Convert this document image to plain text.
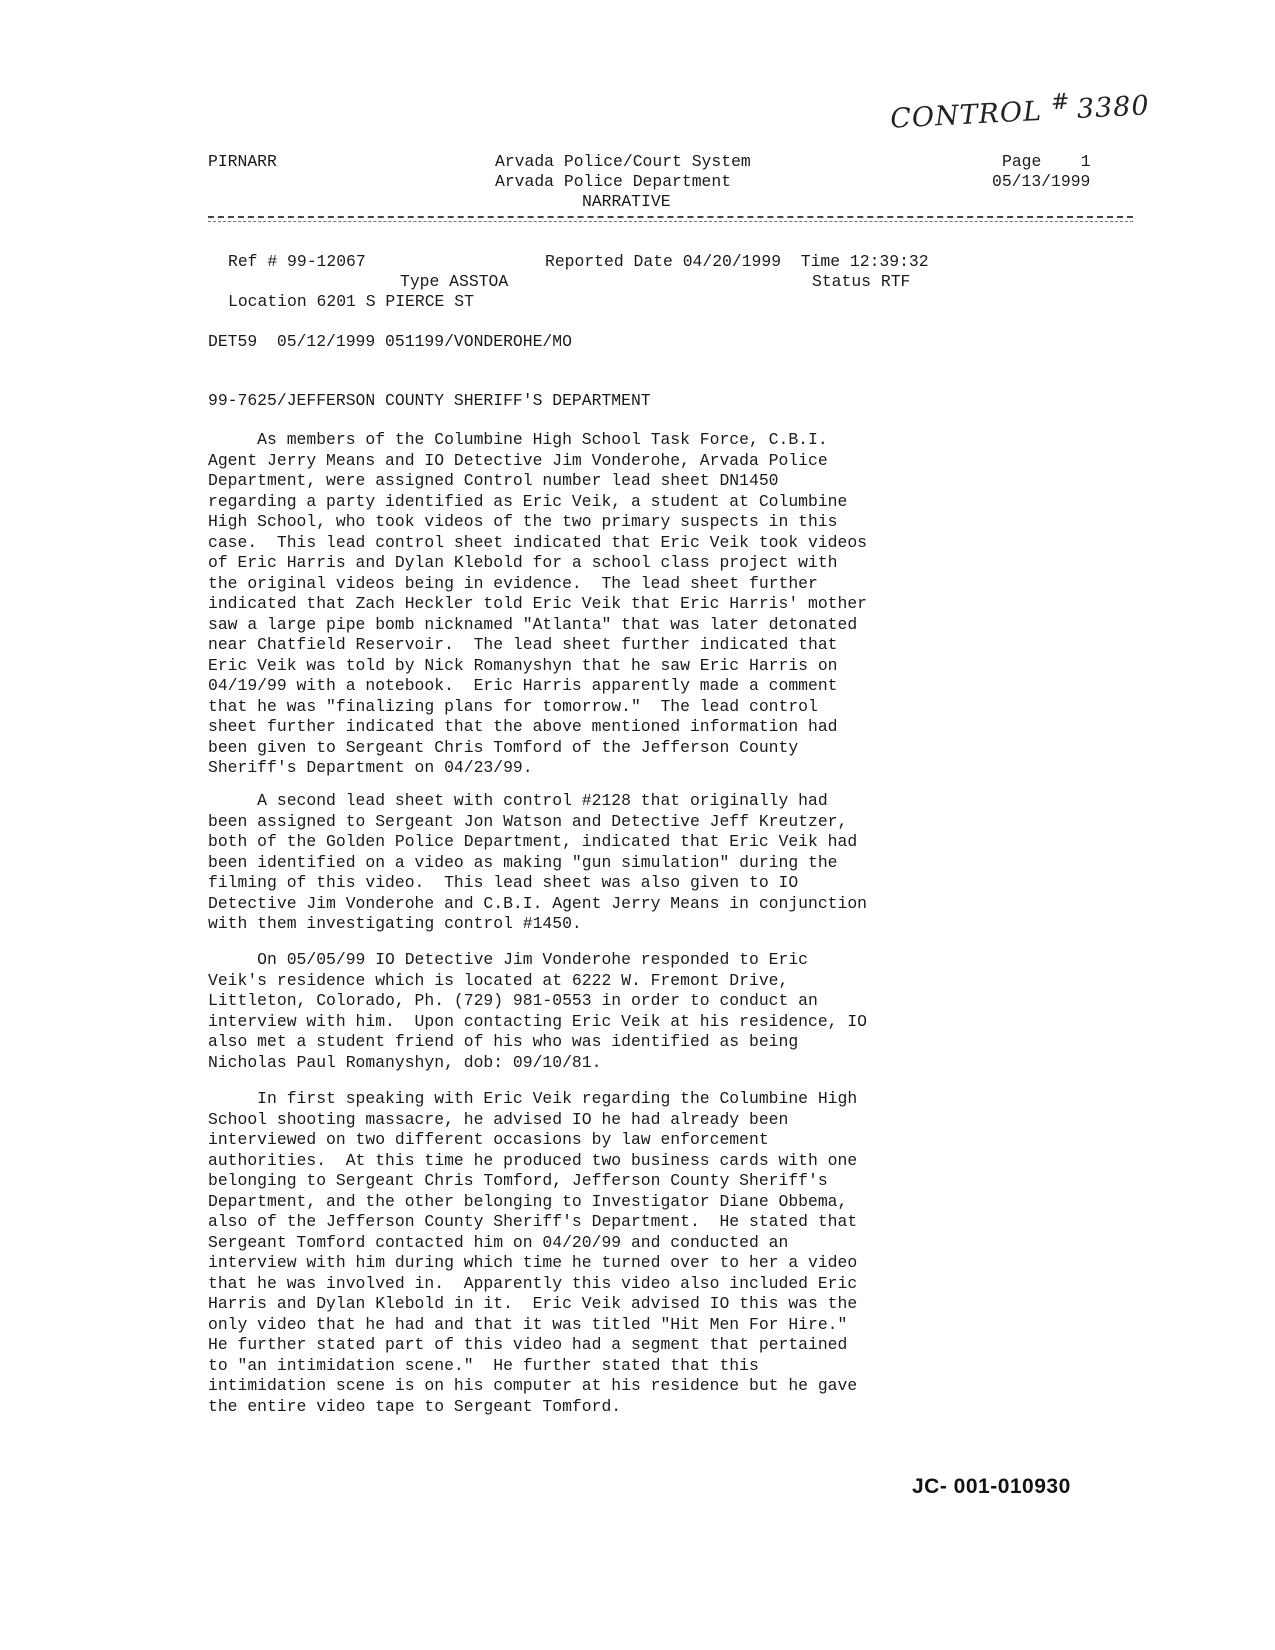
CONTROL # 3380
PIRNARR	Arvada Police/Court System
Arvada Police Department
NARRATIVE
Page    1
05/13/1999
Ref # 99-12067	Reported Date 04/20/1999  Time 12:39:32
Type ASSTOA	Status RTF
Location 6201 S PIERCE ST
DET59  05/12/1999 051199/VONDEROHE/MO
99-7625/JEFFERSON COUNTY SHERIFF'S DEPARTMENT
As members of the Columbine High School Task Force, C.B.I.
Agent Jerry Means and IO Detective Jim Vonderohe, Arvada Police
Department, were assigned Control number lead sheet DN1450
regarding a party identified as Eric Veik, a student at Columbine
High School, who took videos of the two primary suspects in this
case.  This lead control sheet indicated that Eric Veik took videos
of Eric Harris and Dylan Klebold for a school class project with
the original videos being in evidence.  The lead sheet further
indicated that Zach Heckler told Eric Veik that Eric Harris' mother
saw a large pipe bomb nicknamed "Atlanta" that was later detonated
near Chatfield Reservoir.  The lead sheet further indicated that
Eric Veik was told by Nick Romanyshyn that he saw Eric Harris on
04/19/99 with a notebook.  Eric Harris apparently made a comment
that he was "finalizing plans for tomorrow."  The lead control
sheet further indicated that the above mentioned information had
been given to Sergeant Chris Tomford of the Jefferson County
Sheriff's Department on 04/23/99.
A second lead sheet with control #2128 that originally had
been assigned to Sergeant Jon Watson and Detective Jeff Kreutzer,
both of the Golden Police Department, indicated that Eric Veik had
been identified on a video as making "gun simulation" during the
filming of this video.  This lead sheet was also given to IO
Detective Jim Vonderohe and C.B.I. Agent Jerry Means in conjunction
with them investigating control #1450.
On 05/05/99 IO Detective Jim Vonderohe responded to Eric
Veik's residence which is located at 6222 W. Fremont Drive,
Littleton, Colorado, Ph. (729) 981-0553 in order to conduct an
interview with him.  Upon contacting Eric Veik at his residence, IO
also met a student friend of his who was identified as being
Nicholas Paul Romanyshyn, dob: 09/10/81.
In first speaking with Eric Veik regarding the Columbine High
School shooting massacre, he advised IO he had already been
interviewed on two different occasions by law enforcement
authorities.  At this time he produced two business cards with one
belonging to Sergeant Chris Tomford, Jefferson County Sheriff's
Department, and the other belonging to Investigator Diane Obbema,
also of the Jefferson County Sheriff's Department.  He stated that
Sergeant Tomford contacted him on 04/20/99 and conducted an
interview with him during which time he turned over to her a video
that he was involved in.  Apparently this video also included Eric
Harris and Dylan Klebold in it.  Eric Veik advised IO this was the
only video that he had and that it was titled "Hit Men For Hire."
He further stated part of this video had a segment that pertained
to "an intimidation scene."  He further stated that this
intimidation scene is on his computer at his residence but he gave
the entire video tape to Sergeant Tomford.
JC- 001-010930
